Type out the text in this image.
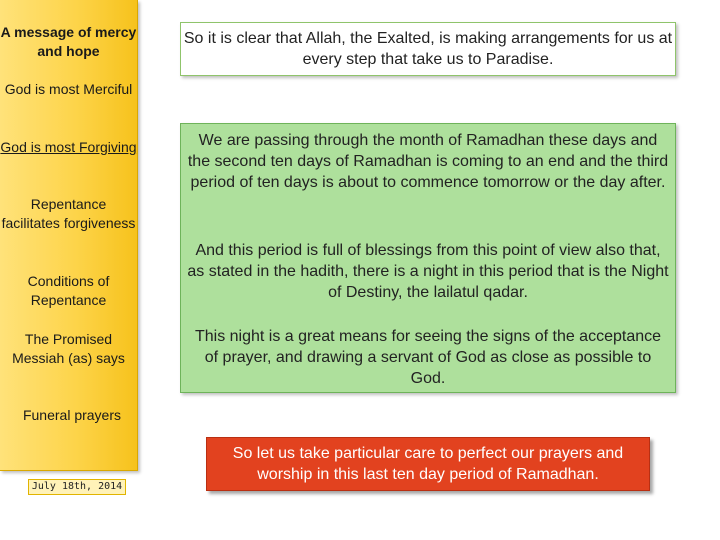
A message of mercy and hope
God is most Merciful
God is most Forgiving
Repentance facilitates forgiveness
Conditions of Repentance
The Promised Messiah (as) says
Funeral prayers
July 18th, 2014
So it is clear that Allah, the Exalted, is making arrangements for us at every step that take us to Paradise.

We are passing through the month of Ramadhan these days and the second ten days of Ramadhan is coming to an end and the third period of ten days is about to commence tomorrow or the day after.

And this period is full of blessings from this point of view also that, as stated in the hadith, there is a night in this period that is the Night of Destiny, the lailatul qadar.

This night is a great means for seeing the signs of the acceptance of prayer, and drawing a servant of God as close as possible to God.

So let us take particular care to perfect our prayers and worship in this last ten day period of Ramadhan.
